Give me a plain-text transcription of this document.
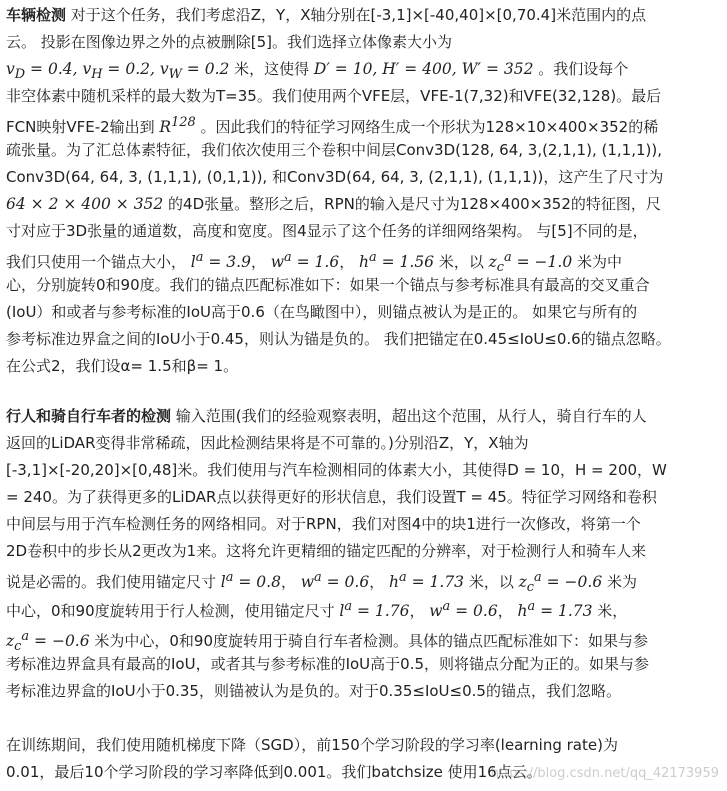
车辆检测 对于这个任务，我们考虑沿Z，Y，X轴分别在[-3,1]×[-40,40]×[0,70.4]米范围内的点
云。 投影在图像边界之外的点被删除[5]。我们选择立体像素大小为
$v_D = 0.4$, $v_H = 0.2$, $v_W = 0.2$ 米，这使得 D′ = 10, H′ = 400, W′ = 352 。我们设每个
非空体素中随机采样的最大数为T=35。我们使用两个VFE层，VFE-1(7,32)和VFE(32,128)。最后
FCN映射VFE-2输出到 $R^{128}$ 。因此我们的特征学习网络生成一个形状为128×10×400×352的稀
疏张量。为了汇总体素特征，我们依次使用三个卷积中间层Conv3D(128, 64, 3,(2,1,1), (1,1,1)),
Conv3D(64, 64, 3, (1,1,1), (0,1,1)), 和Conv3D(64, 64, 3, (2,1,1), (1,1,1))，这产生了尺寸为
64 × 2 × 400 × 352 的4D张量。整形之后，RPN的输入是尺寸为128×400×352的特征图，尺
寸对应于3D张量的通道数，高度和宽度。图4显示了这个任务的详细网络架构。 与[5]不同的是，
我们只使用一个锚点大小， $l^a = 3.9$， $w^a = 1.6$， $h^a = 1.56$ 米，以 $z_c^a = -1.0$ 米为中
心，分别旋转0和90度。我们的锚点匹配标准如下：如果一个锚点与参考标准具有最高的交叉重合
(IoU）和或者与参考标准的IoU高于0.6（在鸟瞰图中），则锚点被认为是正的。 如果它与所有的
参考标准边界盒之间的IoU小于0.45，则认为锚是负的。 我们把锚定在0.45≤IoU≤0.6的锚点忽略。
在公式2，我们设α= 1.5和β= 1。
行人和骑自行车者的检测 输入范围(我们的经验观察表明，超出这个范围，从行人，骑自行车的人
返回的LiDAR变得非常稀疏，因此检测结果将是不可靠的。)分别沿Z，Y，X轴为
[-3,1]×[-20,20]×[0,48]米。我们使用与汽车检测相同的体素大小，其使得D = 10，H = 200，W
= 240。为了获得更多的LiDAR点以获得更好的形状信息，我们设置T = 45。特征学习网络和卷积
中间层与用于汽车检测任务的网络相同。对于RPN，我们对图4中的块1进行一次修改，将第一个
2D卷积中的步长从2更改为1来。这将允许更精细的锚定匹配的分辨率，对于检测行人和骑车人来
说是必需的。我们使用锚定尺寸 $l^a = 0.8$， $w^a = 0.6$， $h^a = 1.73$ 米，以 $z_c^a = -0.6$ 米为
中心，0和90度旋转用于行人检测，使用锚定尺寸 $l^a = 1.76$， $w^a = 0.6$， $h^a = 1.73$ 米，
$z_c^a = -0.6$ 米为中心，0和90度旋转用于骑自行车者检测。具体的锚点匹配标准如下：如果与参
考标准边界盒具有最高的IoU，或者其与参考标准的IoU高于0.5，则将锚点分配为正的。如果与参
考标准边界盒的IoU小于0.35，则锚被认为是负的。对于0.35≤IoU≤0.5的锚点，我们忽略。
在训练期间，我们使用随机梯度下降（SGD），前150个学习阶段的学习率(learning rate)为
0.01，最后10个学习阶段的学习率降低到0.001。我们batchsize 使用16点云。
https://blog.csdn.net/qq_42173959
